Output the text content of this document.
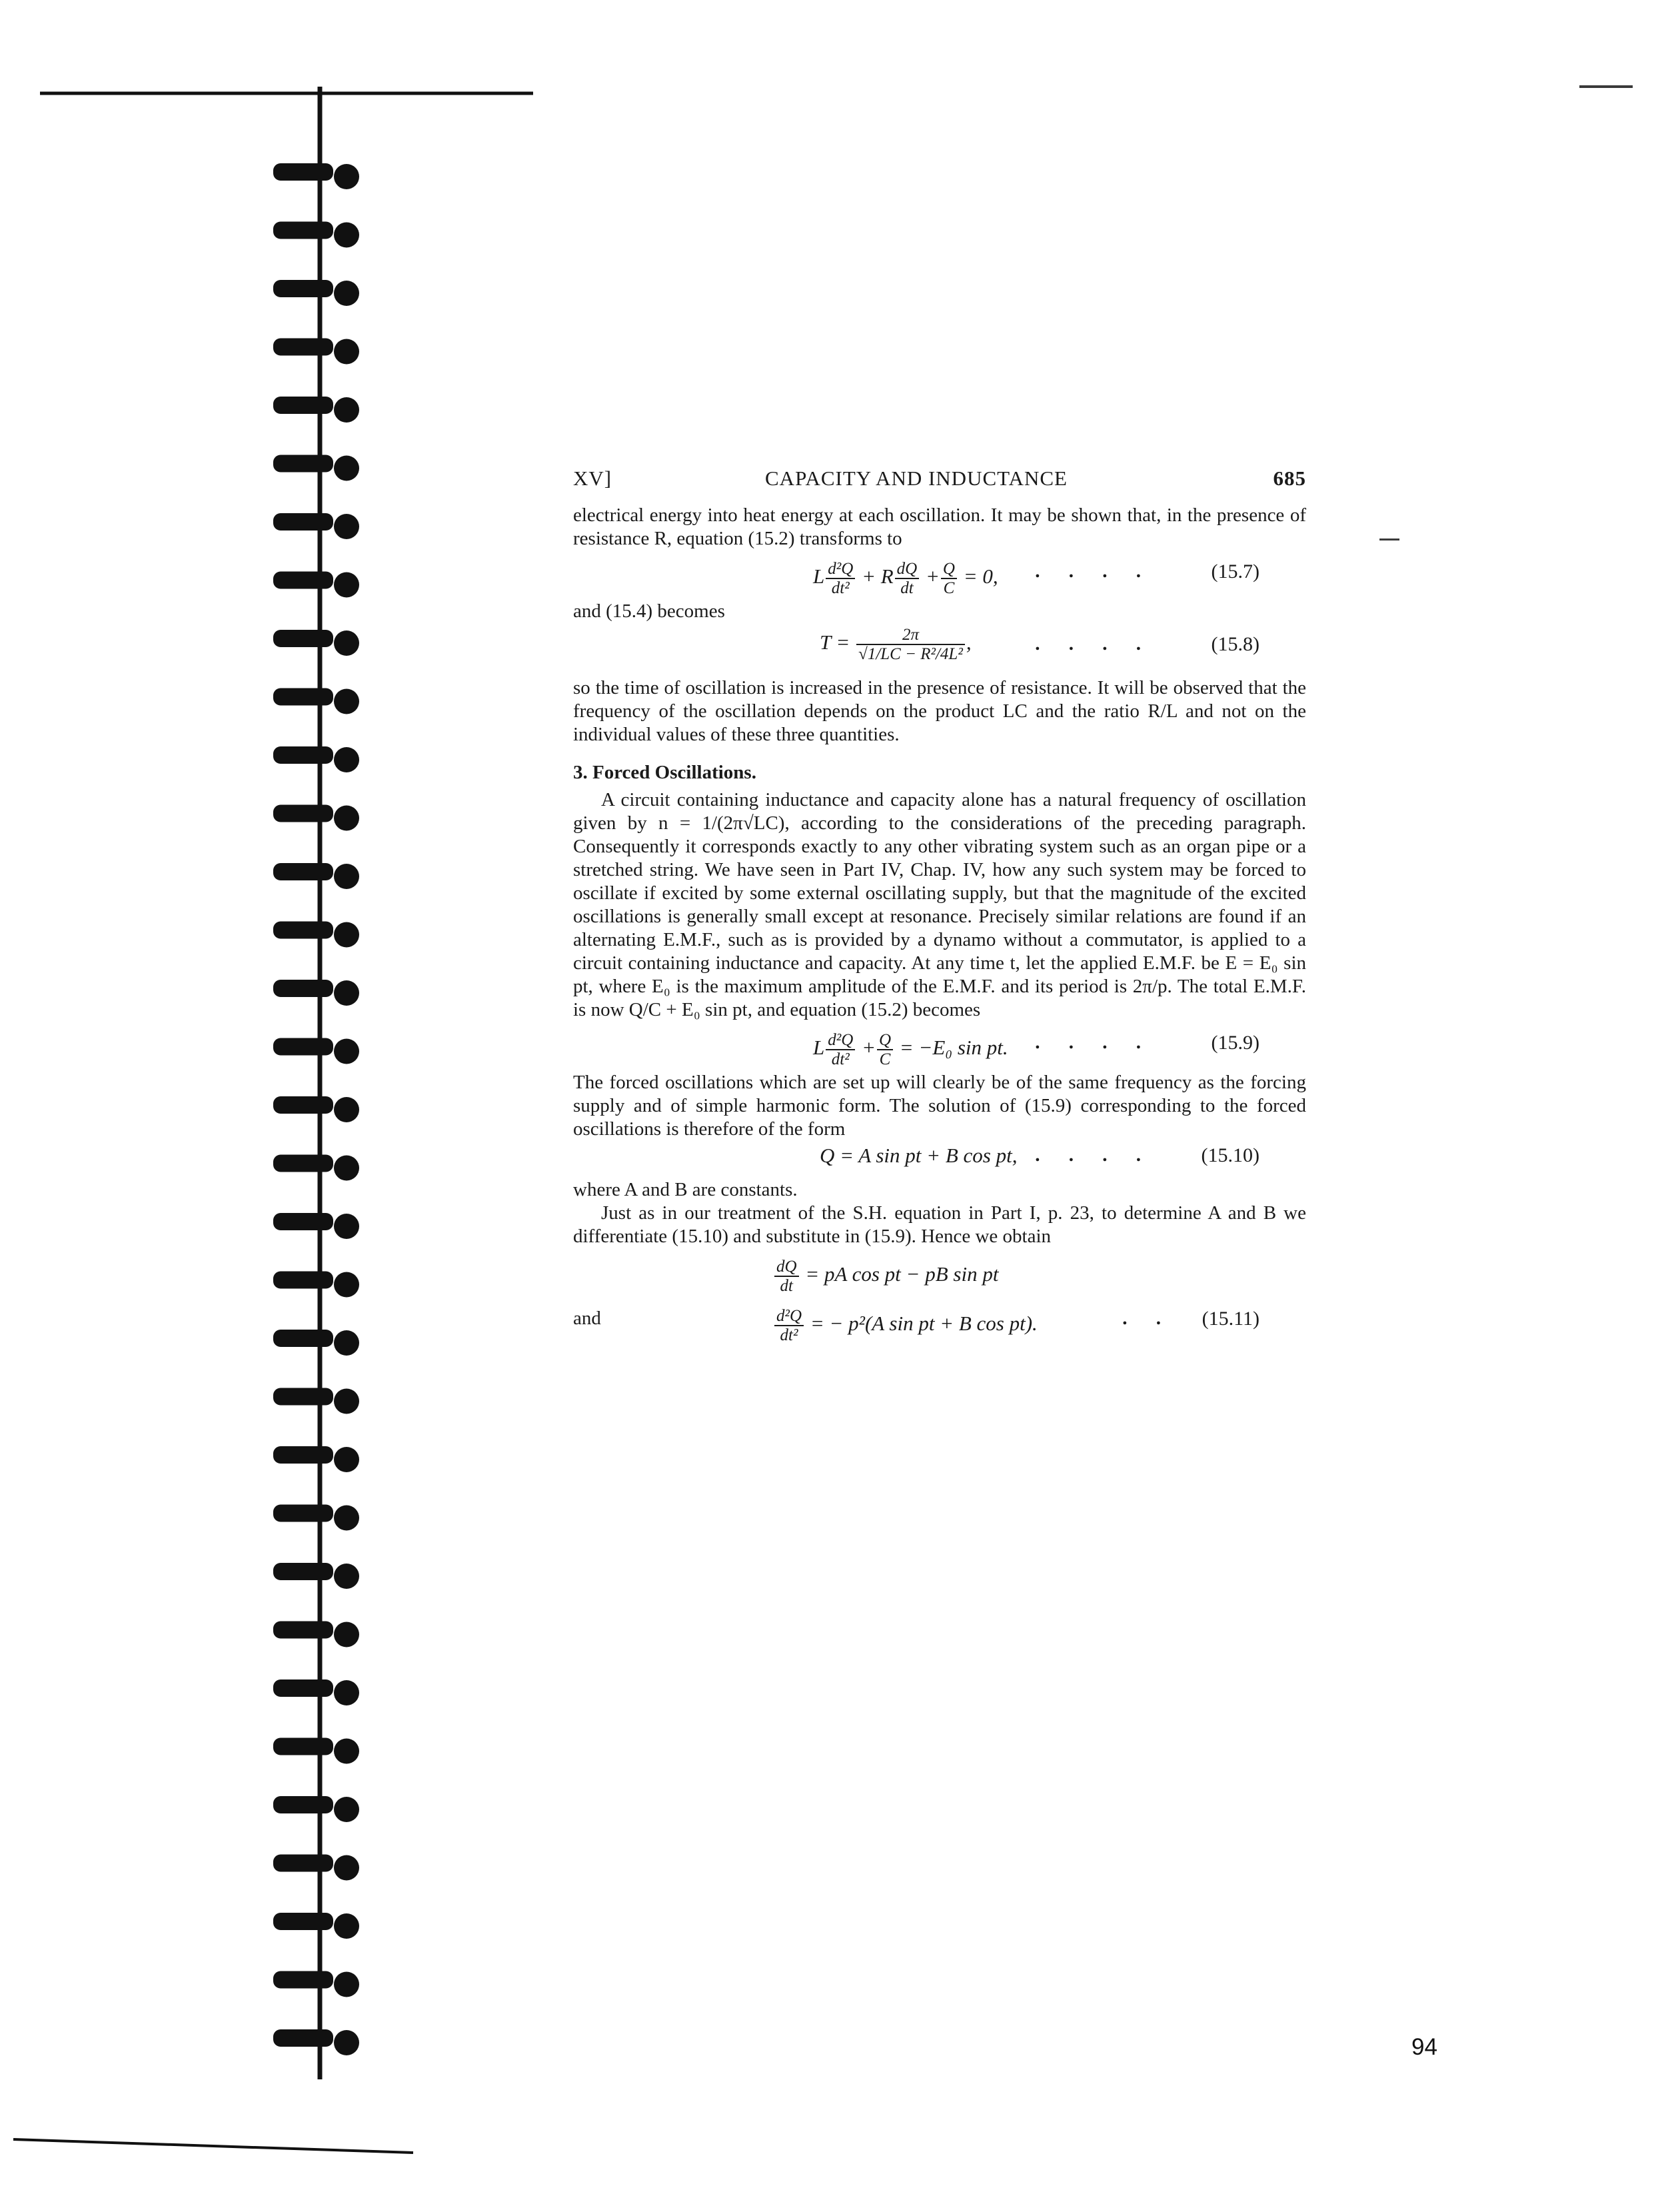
XV]	CAPACITY AND INDUCTANCE	685

electrical energy into heat energy at each oscillation. It may be shown that, in the presence of resistance R, equation (15.2) transforms to

L $\frac{\text{d²Q}}{\text{dt²}} + R \frac{dQ}{dt} + \frac{Q}{C} = 0$, . . . .	(15.7)

and (15.4) becomes

$T = \frac{2\pi}{\text{√1/LC − R²/4L²}}$ ,	. . . .	(15.8)

so the time of oscillation is increased in the presence of resistance. It will be observed that the frequency of the oscillation depends on the product LC and the ratio R/L and not on the individual values of these three quantities.

3. Forced Oscillations.

A circuit containing inductance and capacity alone has a natural frequency of oscillation given by n = 1/(2π√LC), according to the considerations of the preceding paragraph. Consequently it corresponds exactly to any other vibrating system such as an organ pipe or a stretched string. We have seen in Part IV, Chap. IV, how any such system may be forced to oscillate if excited by some external oscillating supply, but that the magnitude of the excited oscillations is generally small except at resonance. Precisely similar relations are found if an alternating E.M.F., such as is provided by a dynamo without a commutator, is applied to a circuit containing inductance and capacity. At any time t, let the applied E.M.F. be E = E₀ sin pt, where E₀ is the maximum amplitude of the E.M.F. and its period is 2π/p. The total E.M.F. is now Q/C + E₀ sin pt, and equation (15.2) becomes

L $\frac{\text{d²Q}}{\text{dt²}} + \frac{Q}{C} = -E_0$ sin pt. . . . .	(15.9)

The forced oscillations which are set up will clearly be of the same frequency as the forcing supply and of simple harmonic form. The solution of (15.9) corresponding to the forced oscillations is therefore of the form

Q = A sin pt + B cos pt, . . . . (15.10)

where A and B are constants.

Just as in our treatment of the S.H. equation in Part I, p. 23, to determine A and B we differentiate (15.10) and substitute in (15.9). Hence we obtain

$\frac{dQ}{dt}$ = pA cos pt − pB sin pt
and	$\frac{\text{d²Q}}{\text{dt²}}$ = − p²(A sin pt + B cos pt).	. . (15.11)
94
